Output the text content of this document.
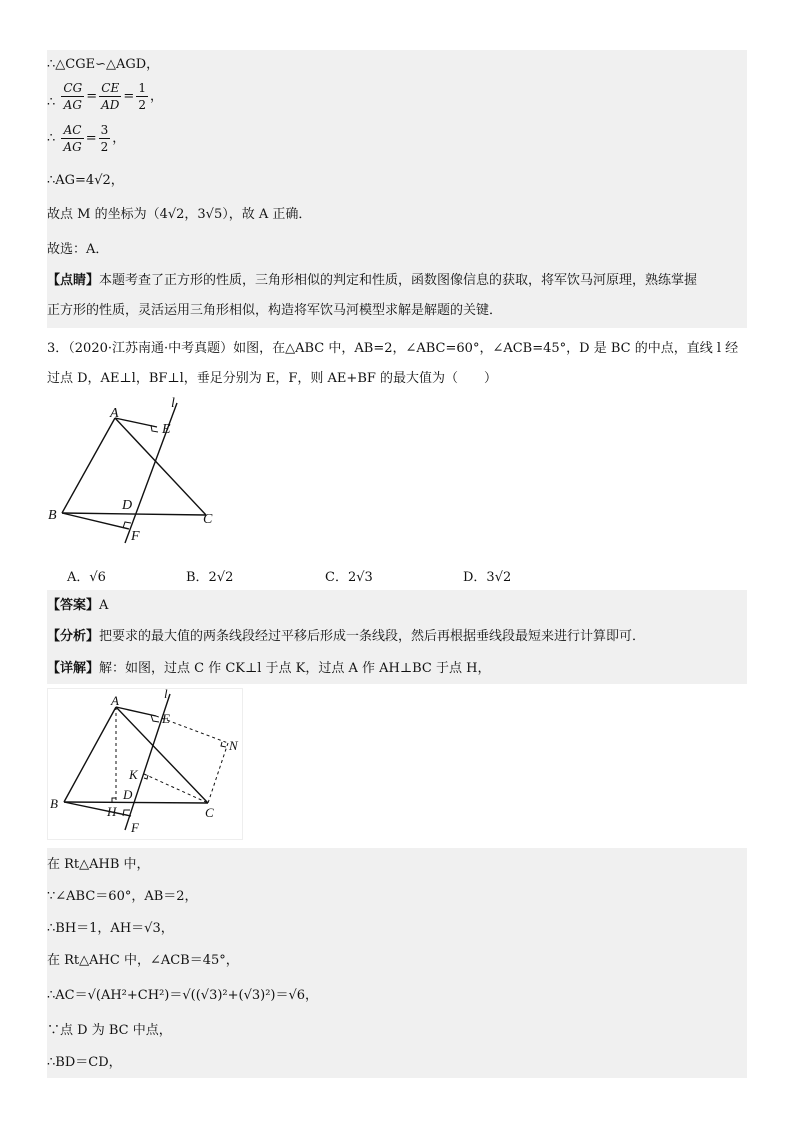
∴△CGE∽△AGD，
∴ $\frac{CG}{AG} = \frac{CE}{AD} = \frac{1}{2}$ ，
∴ $\frac{AC}{AG} = \frac{3}{2}$ ，
∴AG=4√2，
故点 M 的坐标为（4√2，3√5），故 A 正确．
故选：A．
【点睛】本题考查了正方形的性质，三角形相似的判定和性质，函数图像信息的获取，将军饮马河原理，熟练掌握
正方形的性质，灵活运用三角形相似，构造将军饮马河模型求解是解题的关键．
3．（2020·江苏南通·中考真题）如图，在△ABC 中，AB=2，∠ABC=60°，∠ACB=45°，D 是 BC 的中点，直线 l 经
过点 D，AE⊥l，BF⊥l，垂足分别为 E，F，则 AE+BF 的最大值为（　　）
A
B	C
D
E
F
l
A．√6	B．2√2	C．2√3	D．3√2
【答案】A
【分析】把要求的最大值的两条线段经过平移后形成一条线段，然后再根据垂线段最短来进行计算即可．
【详解】解：如图，过点 C 作 CK⊥l 于点 K，过点 A 作 AH⊥BC 于点 H，
A
B
C
D
E
F
l
H
K
N
在 Rt△AHB 中，
∵∠ABC＝60°，AB＝2，
∴BH＝1，AH＝√3，
在 Rt△AHC 中，∠ACB＝45°，
∴AC＝√(AH²+CH²)＝√((√3)²+(√3)²)＝√6，
∵点 D 为 BC 中点，
∴BD＝CD，
